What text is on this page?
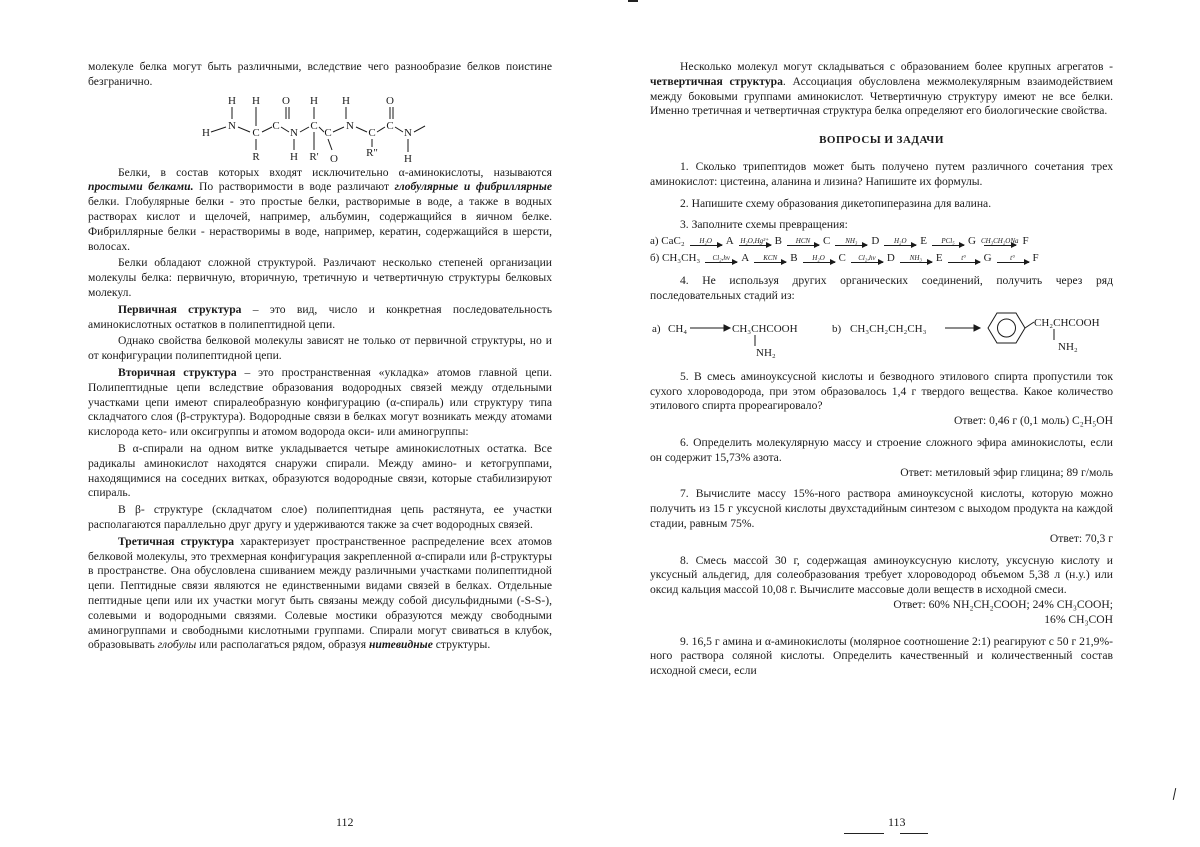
молекуле белка могут быть различными, вследствие чего разнообразие белков поистине безгранично.

H H O H H	O
H
N
C
C
N
C
C
N
C
C
N
R	H R' O	R" H

Белки, в состав которых входят исключительно α-аминокислоты, называются простыми белками. По растворимости в воде различают глобулярные и фибриллярные белки. Глобулярные белки - это простые белки, растворимые в воде, а также в водных растворах кислот и щелочей, например, альбумин, содержащийся в яичном белке. Фибриллярные белки - нерастворимы в воде, например, кератин, содержащийся в шерсти, волосах.

Белки обладают сложной структурой. Различают несколько степеней организации молекулы белка: первичную, вторичную, третичную и четвертичную структуры белковых молекул.

Первичная структура – это вид, число и конкретная последовательность аминокислотных остатков в полипептидной цепи.

Однако свойства белковой молекулы зависят не только от первичной структуры, но и от конфигурации полипептидной цепи.

Вторичная структура – это пространственная «укладка» атомов главной цепи. Полипептидные цепи вследствие образования водородных связей между отдельными участками цепи имеют спиралеобразную конфигурацию (α-спираль) или структуру типа складчатого слоя (β-структура). Водородные связи в белках могут возникать между атомами кислорода кето- или оксигруппы и атомом водорода окси- или аминогруппы:

В α-спирали на одном витке укладывается четыре аминокислотных остатка. Все радикалы аминокислот находятся снаружи спирали. Между амино- и кетогруппами, находящимися на соседних витках, образуются водородные связи, которые стабилизируют спираль.

В β- структуре (складчатом слое) полипептидная цепь растянута, ее участки располагаются параллельно друг другу и удерживаются также за счет водородных связей.

Третичная структура характеризует пространственное распределение всех атомов белковой молекулы, это трехмерная конфигурация закрепленной α-спирали или β-структуры в пространстве. Она обусловлена сшиванием между различными участками полипептидной цепи. Пептидные связи являются не единственными видами связей в белках. Отдельные пептидные цепи или их участки могут быть связаны между собой дисульфидными (-S-S-), солевыми и водородными связями. Солевые мостики образуются между свободными аминогруппами и свободными кислотными группами. Спирали могут свиваться в клубок, образовывать глобулы или располагаться рядом, образуя нитевидные структуры.

112

Несколько молекул могут складываться с образованием более крупных агрегатов - четвертичная структура. Ассоциация обусловлена межмолекулярным взаимодействием между боковыми группами аминокислот. Четвертичную структуру имеют не все белки. Именно третичная и четвертичная структура белка определяют его биологические свойства.

ВОПРОСЫ И ЗАДАЧИ

1. Сколько трипептидов может быть получено путем различного сочетания трех аминокислот: цистеина, аланина и лизина? Напишите их формулы.

2. Напишите схему образования дикетопиперазина для валина.

3. Заполните схемы превращения:

а) CaC₂ H₂O A H₂O,Hg²⁺ B HCN C NH₃ D H₂O E PCl₅ G CH₃CH₂ONa F
б) CH₃CH₃ Cl₂,hν A KCN B H₂O C Cl₂,hν D NH₃ E	t° G	t° F

4. Не используя других органических соединений, получить через ряд последовательных стадий из:

a) CH₄	CH₃CHCOOH
NH₂
b) CH₃CH₂CH₂CH₃	CH₂CHCOOH
NH₂

5. В смесь аминоуксусной кислоты и безводного этилового спирта пропустили ток сухого хлороводорода, при этом образовалось 1,4 г твердого вещества. Какое количество этилового спирта прореагировало?

Ответ: 0,46 г (0,1 моль) C₂H₅OH

6. Определить молекулярную массу и строение сложного эфира аминокислоты, если он содержит 15,73% азота.

Ответ: метиловый эфир глицина; 89 г/моль

7. Вычислите массу 15%-ного раствора аминоуксусной кислоты, которую можно получить из 15 г уксусной кислоты двухстадийным синтезом с выходом продукта на каждой стадии, равным 75%.

Ответ: 70,3 г

8. Смесь массой 30 г, содержащая аминоуксусную кислоту, уксусную кислоту и уксусный альдегид, для солеобразования требует хлороводород объемом 5,38 л (н.у.) или оксид кальция массой 10,08 г. Вычислите массовые доли веществ в исходной смеси.

Ответ: 60% NH₂CH₂COOH; 24% CH₃COOH;

16% CH₃COH

9. 16,5 г амина и α-аминокислоты (молярное соотношение 2:1) реагируют с 50 г 21,9%-ного раствора соляной кислоты. Определить качественный и количественный состав исходной смеси, если

113
